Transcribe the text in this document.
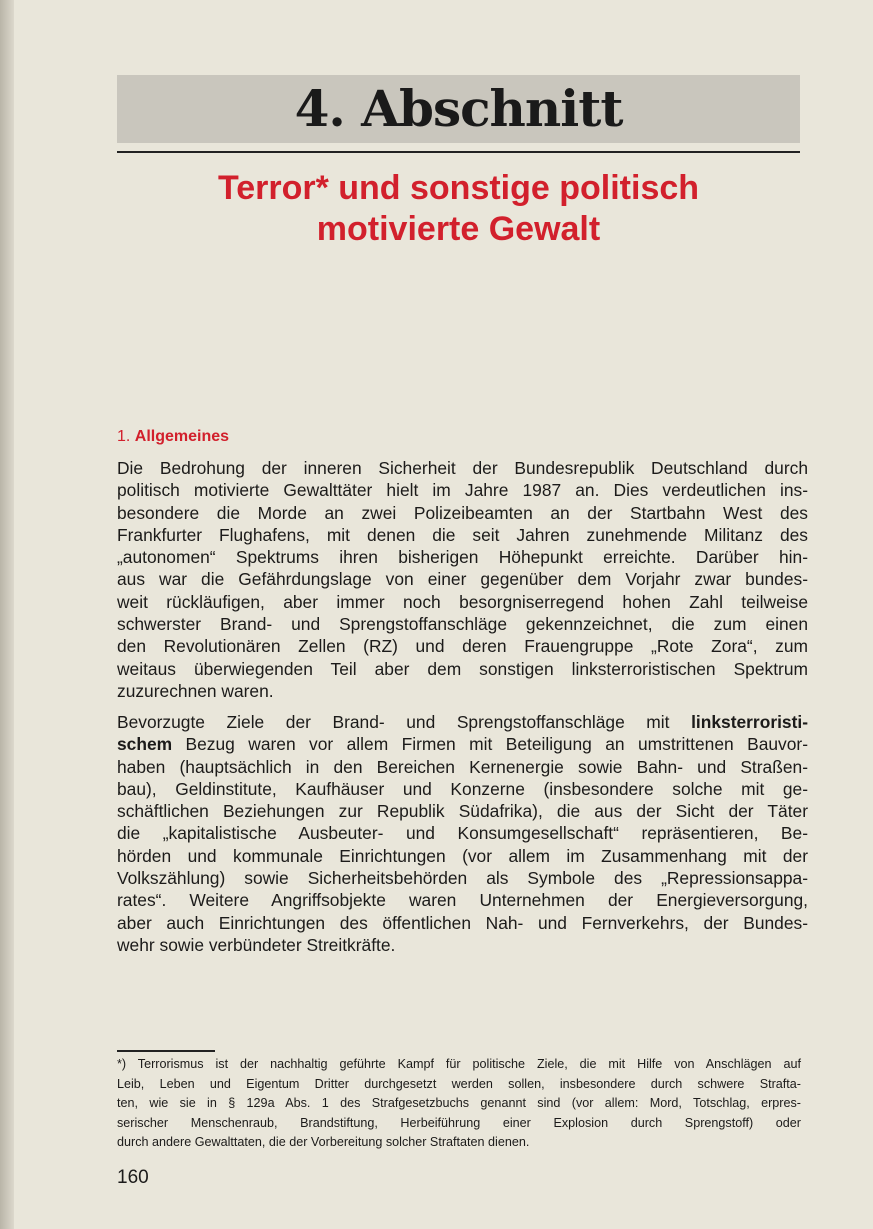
4. Abschnitt
Terror* und sonstige politisch
motivierte Gewalt
1. Allgemeines
Die Bedrohung der inneren Sicherheit der Bundesrepublik Deutschland durch
politisch motivierte Gewalttäter hielt im Jahre 1987 an. Dies verdeutlichen ins-
besondere die Morde an zwei Polizeibeamten an der Startbahn West des
Frankfurter Flughafens, mit denen die seit Jahren zunehmende Militanz des
„autonomen“ Spektrums ihren bisherigen Höhepunkt erreichte. Darüber hin-
aus war die Gefährdungslage von einer gegenüber dem Vorjahr zwar bundes-
weit rückläufigen, aber immer noch besorgniserregend hohen Zahl teilweise
schwerster Brand- und Sprengstoffanschläge gekennzeichnet, die zum einen
den Revolutionären Zellen (RZ) und deren Frauengruppe „Rote Zora“, zum
weitaus überwiegenden Teil aber dem sonstigen linksterroristischen Spektrum
zuzurechnen waren.
Bevorzugte Ziele der Brand- und Sprengstoffanschläge mit linksterroristi-
schem Bezug waren vor allem Firmen mit Beteiligung an umstrittenen Bauvor-
haben (hauptsächlich in den Bereichen Kernenergie sowie Bahn- und Straßen-
bau), Geldinstitute, Kaufhäuser und Konzerne (insbesondere solche mit ge-
schäftlichen Beziehungen zur Republik Südafrika), die aus der Sicht der Täter
die „kapitalistische Ausbeuter- und Konsumgesellschaft“ repräsentieren, Be-
hörden und kommunale Einrichtungen (vor allem im Zusammenhang mit der
Volkszählung) sowie Sicherheitsbehörden als Symbole des „Repressionsappa-
rates“. Weitere Angriffsobjekte waren Unternehmen der Energieversorgung,
aber auch Einrichtungen des öffentlichen Nah- und Fernverkehrs, der Bundes-
wehr sowie verbündeter Streitkräfte.
*) Terrorismus ist der nachhaltig geführte Kampf für politische Ziele, die mit Hilfe von Anschlägen auf
Leib, Leben und Eigentum Dritter durchgesetzt werden sollen, insbesondere durch schwere Strafta-
ten, wie sie in § 129a Abs. 1 des Strafgesetzbuchs genannt sind (vor allem: Mord, Totschlag, erpres-
serischer Menschenraub, Brandstiftung, Herbeiführung einer Explosion durch Sprengstoff) oder
durch andere Gewalttaten, die der Vorbereitung solcher Straftaten dienen.
160
